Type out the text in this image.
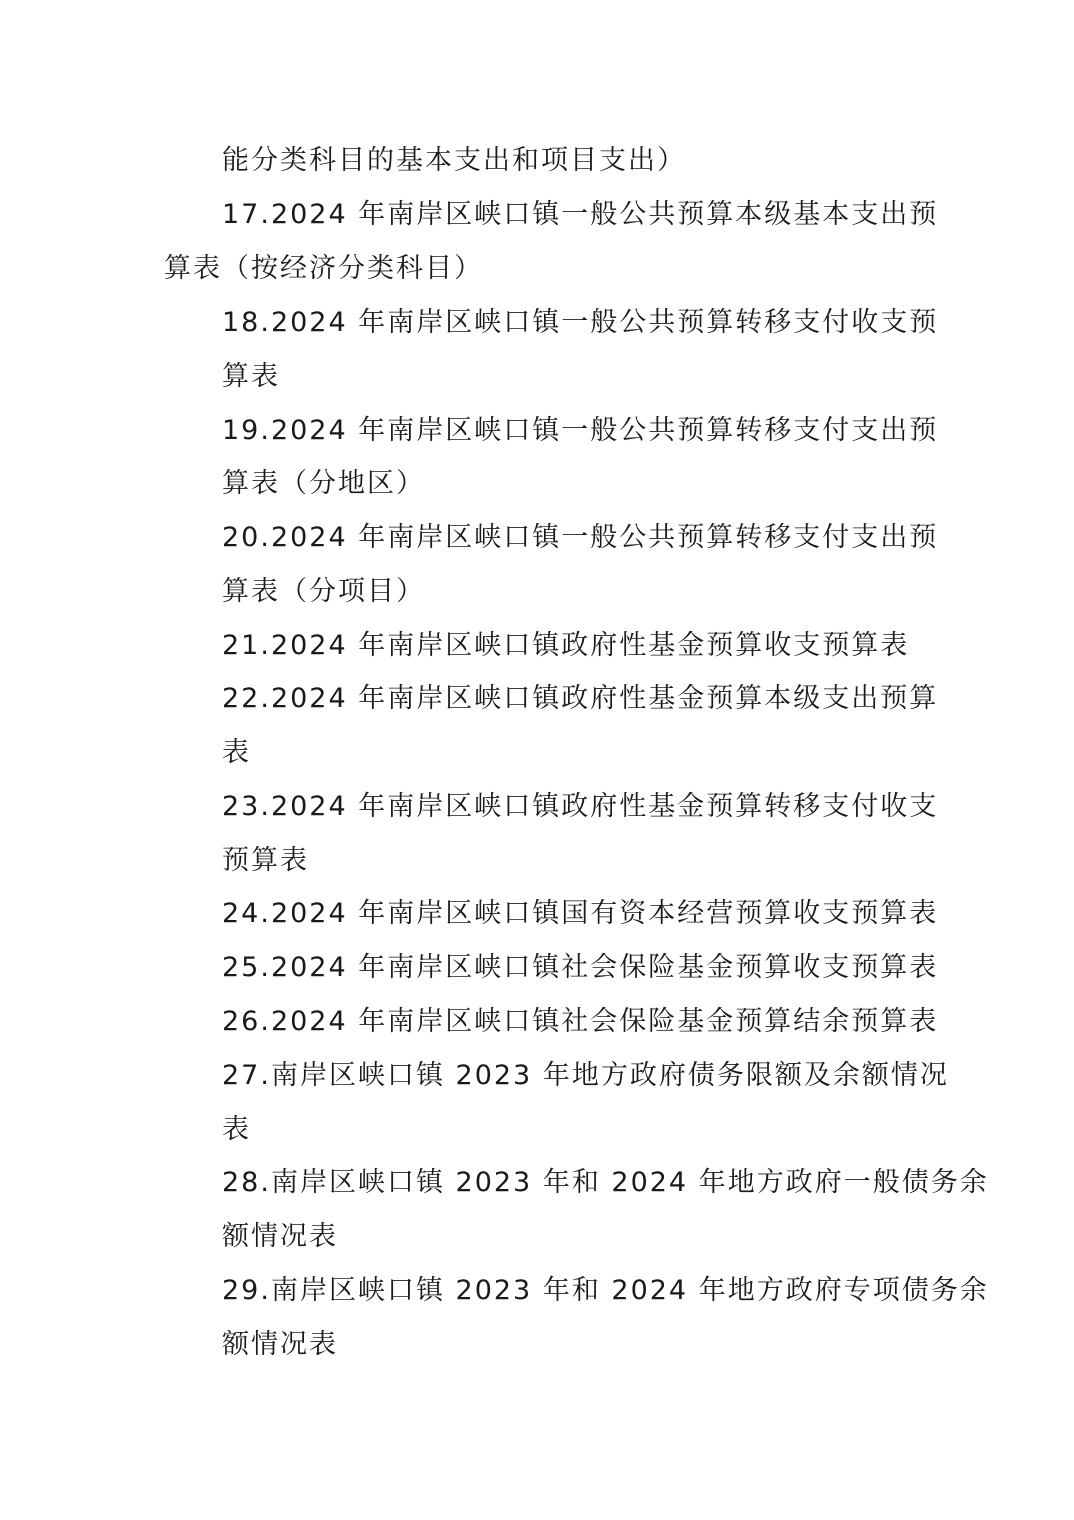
能分类科目的基本支出和项目支出）
17.2024 年南岸区峡口镇一般公共预算本级基本支出预
算表（按经济分类科目）
18.2024 年南岸区峡口镇一般公共预算转移支付收支预
算表
19.2024 年南岸区峡口镇一般公共预算转移支付支出预
算表（分地区）
20.2024 年南岸区峡口镇一般公共预算转移支付支出预
算表（分项目）
21.2024 年南岸区峡口镇政府性基金预算收支预算表
22.2024 年南岸区峡口镇政府性基金预算本级支出预算
表
23.2024 年南岸区峡口镇政府性基金预算转移支付收支
预算表
24.2024 年南岸区峡口镇国有资本经营预算收支预算表
25.2024 年南岸区峡口镇社会保险基金预算收支预算表
26.2024 年南岸区峡口镇社会保险基金预算结余预算表
27.南岸区峡口镇 2023 年地方政府债务限额及余额情况
表
28.南岸区峡口镇 2023 年和 2024 年地方政府一般债务余
额情况表
29.南岸区峡口镇 2023 年和 2024 年地方政府专项债务余
额情况表
